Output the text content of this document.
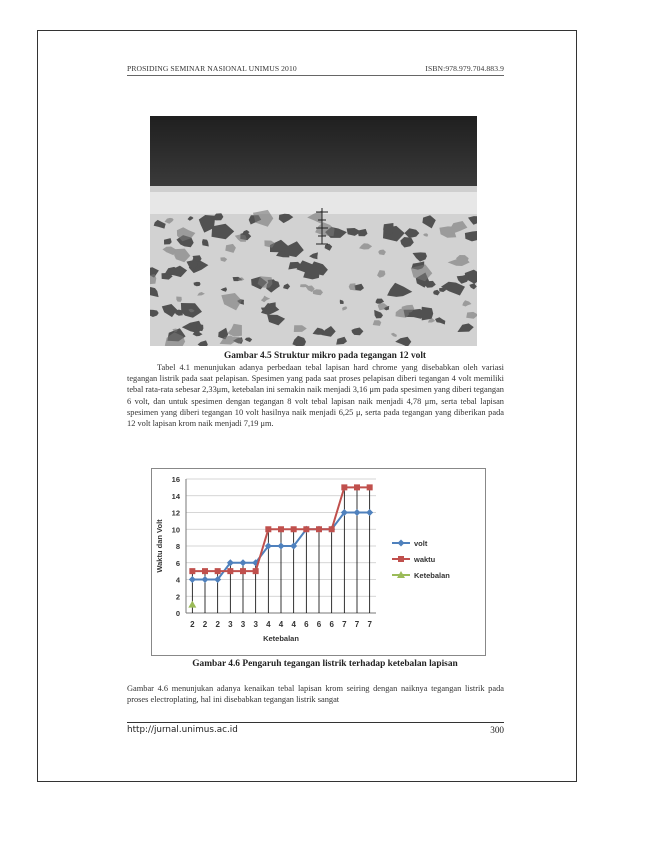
PROSIDING SEMINAR NASIONAL UNIMUS 2010	ISBN:978.979.704.883.9
Gambar 4.5 Struktur mikro pada tegangan 12 volt

Tabel 4.1 menunjukan adanya perbedaan tebal lapisan hard chrome yang disebabkan oleh variasi tegangan listrik pada saat pelapisan. Spesimen yang pada saat proses pelapisan diberi tegangan 4 volt memiliki tebal rata-rata sebesar 2,33μm, ketebalan ini semakin naik menjadi 3,16 μm pada spesimen yang diberi tegangan 6 volt, dan untuk spesimen dengan tegangan 8 volt tebal lapisan naik menjadi 4,78 μm, serta tebal lapisan spesimen yang diberi tegangan 10 volt hasilnya naik menjadi 6,25 μ, serta pada tegangan yang diberikan pada 12 volt lapisan krom naik menjadi 7,19 μm.

0
2
4
6
8
10
12
14
16
2 2 2 3 3 3 4 4 4 6 6 6 7 7 7
volt
waktu
Ketebalan
Ketebalan
Waktu dan Volt
Gambar 4.6 Pengaruh tegangan listrik terhadap ketebalan lapisan

Gambar 4.6 menunjukan adanya kenaikan tebal lapisan krom seiring dengan naiknya tegangan listrik pada proses electroplating, hal ini disebabkan tegangan listrik sangat

http://jurnal.unimus.ac.id	300
